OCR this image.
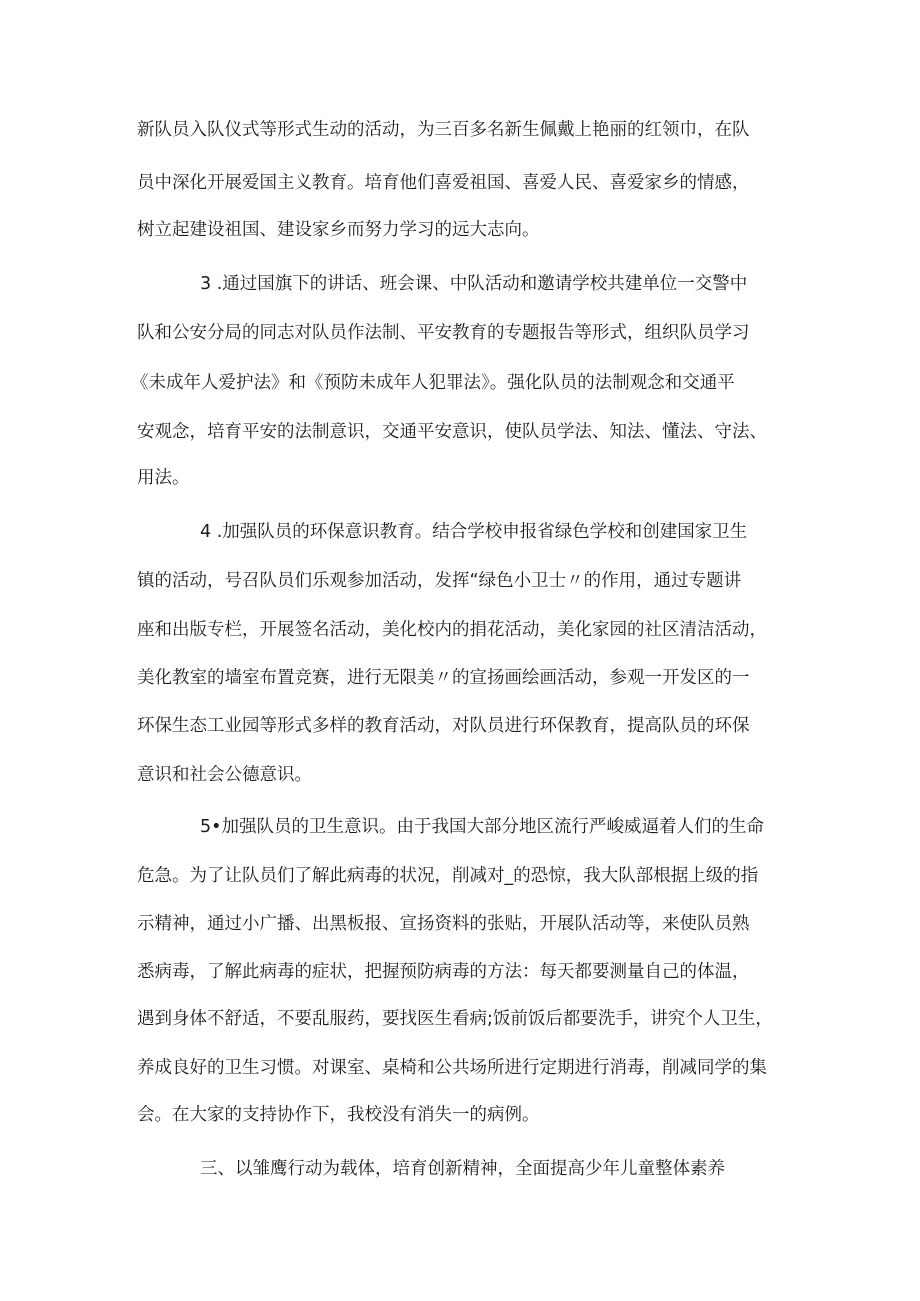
新队员入队仪式等形式生动的活动，为三百多名新生佩戴上艳丽的红领巾，在队
员中深化开展爱国主义教育。培育他们喜爱祖国、喜爱人民、喜爱家乡的情感，
树立起建设祖国、建设家乡而努力学习的远大志向。
3 .通过国旗下的讲话、班会课、中队活动和邀请学校共建单位一交警中
队和公安分局的同志对队员作法制、平安教育的专题报告等形式，组织队员学习
《未成年人爱护法》和《预防未成年人犯罪法》。强化队员的法制观念和交通平
安观念，培育平安的法制意识，交通平安意识，使队员学法、知法、懂法、守法、
用法。
4 .加强队员的环保意识教育。结合学校申报省绿色学校和创建国家卫生
镇的活动，号召队员们乐观参加活动，发挥“绿色小卫士〃的作用，通过专题讲
座和出版专栏，开展签名活动，美化校内的捐花活动，美化家园的社区清洁活动，
美化教室的墙室布置竞赛，进行无限美〃的宣扬画绘画活动，参观一开发区的一
环保生态工业园等形式多样的教育活动，对队员进行环保教育，提高队员的环保
意识和社会公德意识。
5•加强队员的卫生意识。由于我国大部分地区流行严峻威逼着人们的生命
危急。为了让队员们了解此病毒的状况，削减对_的恐惊，我大队部根据上级的指
示精神，通过小广播、出黑板报、宣扬资料的张贴，开展队活动等，来使队员熟
悉病毒，了解此病毒的症状，把握预防病毒的方法：每天都要测量自己的体温，
遇到身体不舒适，不要乱服药，要找医生看病;饭前饭后都要洗手，讲究个人卫生，
养成良好的卫生习惯。对课室、桌椅和公共场所进行定期进行消毒，削减同学的集
会。在大家的支持协作下，我校没有消失一的病例。
三、以雏鹰行动为载体，培育创新精神，全面提高少年儿童整体素养
